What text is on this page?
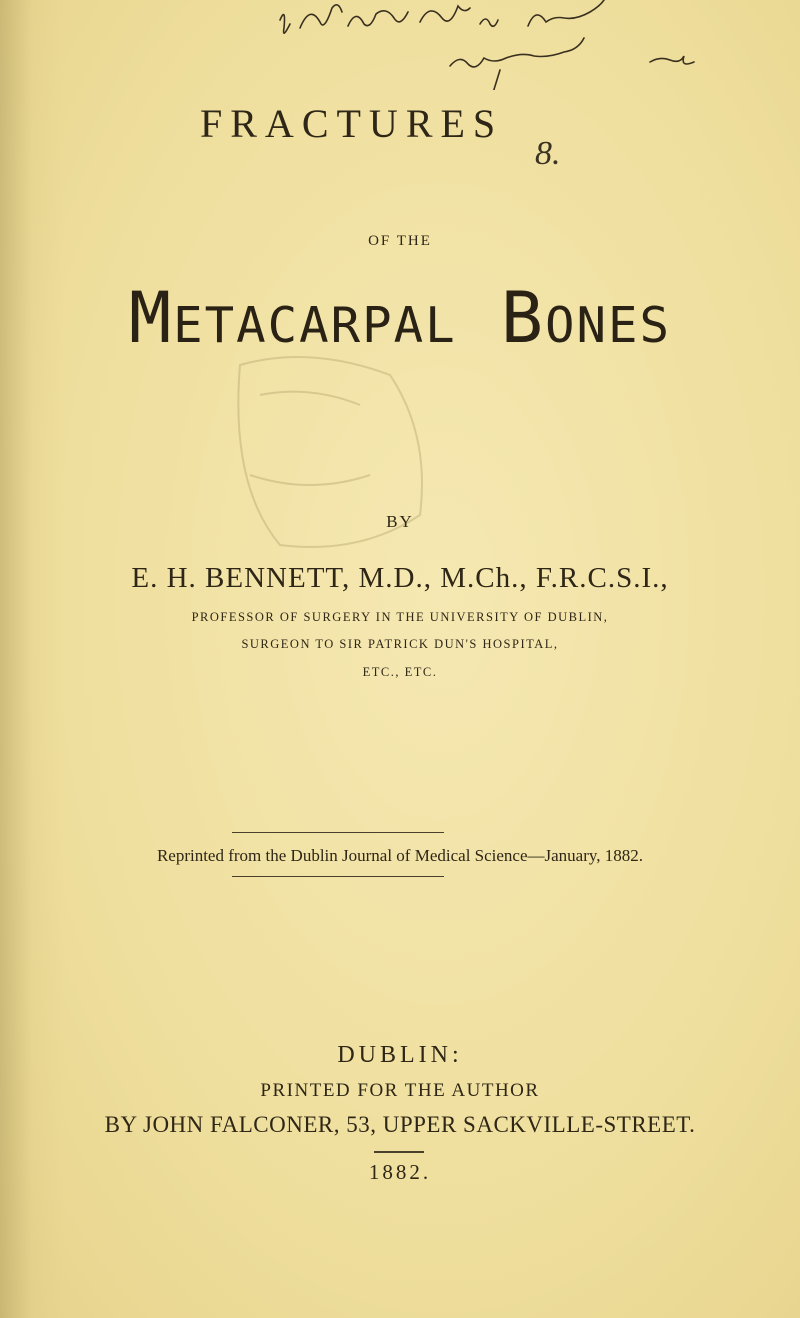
FRACTURES
8.
OF THE
Metacarpal Bones
BY
E. H. BENNETT, M.D., M.Ch., F.R.C.S.I.,
PROFESSOR OF SURGERY IN THE UNIVERSITY OF DUBLIN,
SURGEON TO SIR PATRICK DUN'S HOSPITAL,
ETC., ETC.
Reprinted from the Dublin Journal of Medical Science—January, 1882.
DUBLIN:
PRINTED FOR THE AUTHOR
BY JOHN FALCONER, 53, UPPER SACKVILLE-STREET.
1882.
